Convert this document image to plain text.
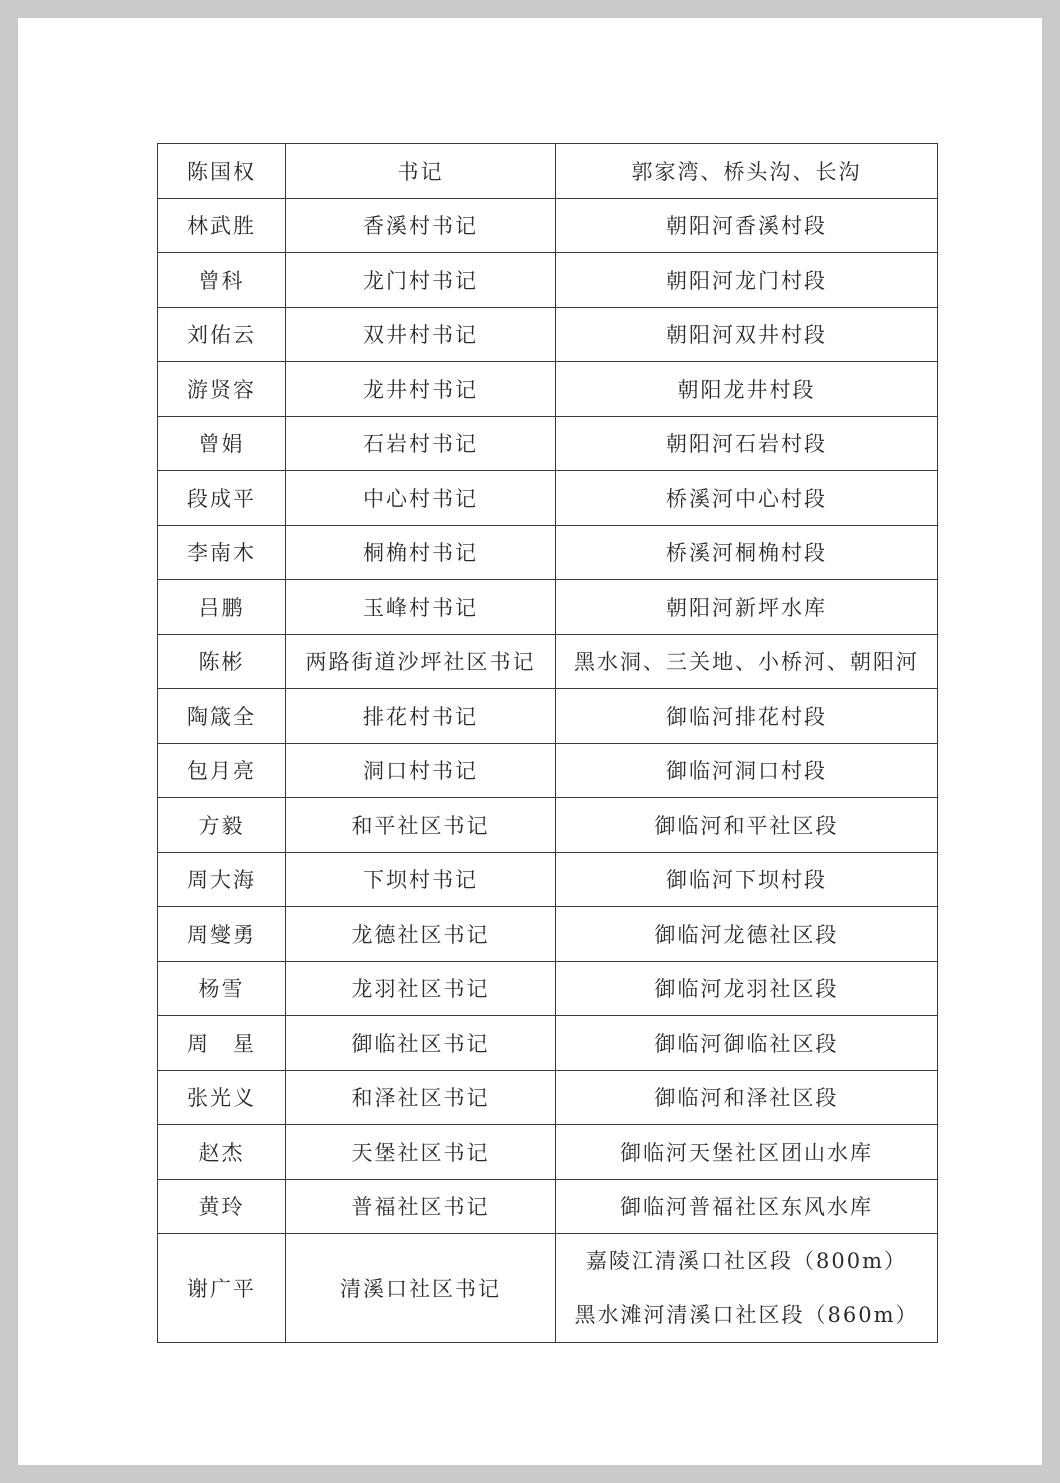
陈国权	书记	郭家湾、桥头沟、长沟
林武胜	香溪村书记	朝阳河香溪村段
曾科	龙门村书记	朝阳河龙门村段
刘佑云	双井村书记	朝阳河双井村段
游贤容	龙井村书记	朝阳龙井村段
曾娟	石岩村书记	朝阳河石岩村段
段成平	中心村书记	桥溪河中心村段
李南木	桐桷村书记	桥溪河桐桷村段
吕鹏	玉峰村书记	朝阳河新坪水库
陈彬	两路街道沙坪社区书记	黑水洞、三关地、小桥河、朝阳河
陶箴全	排花村书记	御临河排花村段
包月亮	洞口村书记	御临河洞口村段
方毅	和平社区书记	御临河和平社区段
周大海	下坝村书记	御临河下坝村段
周燮勇	龙德社区书记	御临河龙德社区段
杨雪	龙羽社区书记	御临河龙羽社区段
周　星	御临社区书记	御临河御临社区段
张光义	和泽社区书记	御临河和泽社区段
赵杰	天堡社区书记	御临河天堡社区团山水库
黄玲	普福社区书记	御临河普福社区东风水库
谢广平	清溪口社区书记	嘉陵江清溪口社区段（800m）
黑水滩河清溪口社区段（860m）
